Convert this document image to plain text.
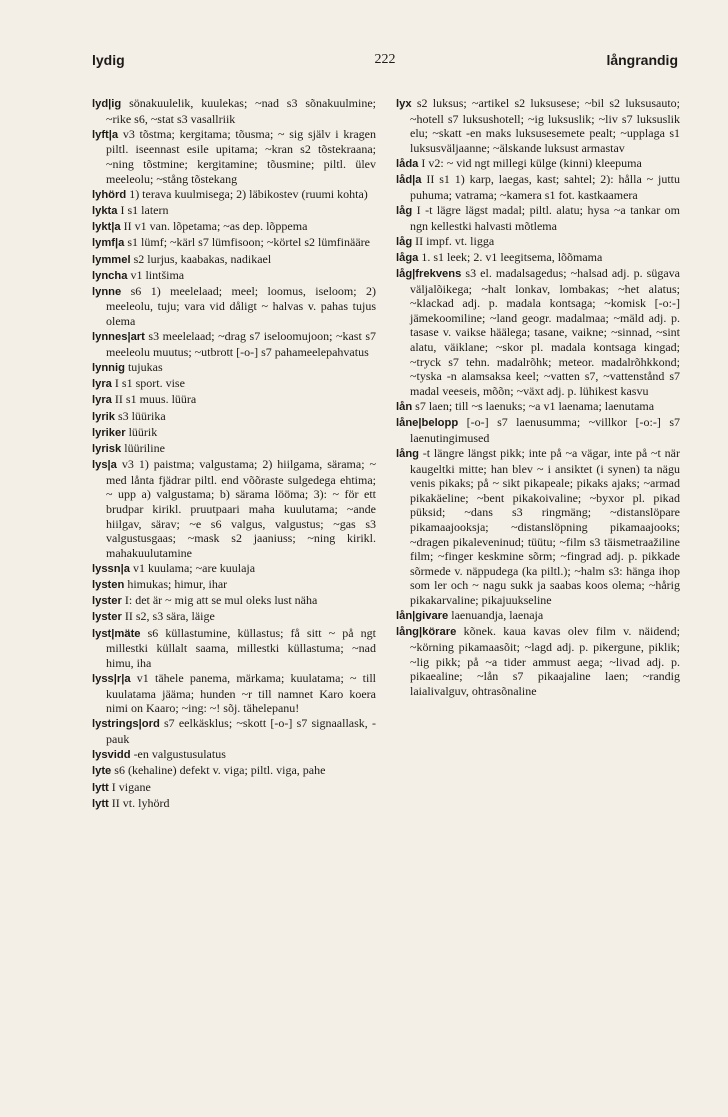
222
lydig	långrandig

lyd|ig sönakuulelik, kuulekas; ~nad s3 sõnakuulmine; ~rike s6, ~stat s3 vasallriik

lyft|a v3 tõstma; kergitama; tõusma; ~ sig själv i kragen piltl. iseennast esile upitama; ~kran s2 tõstekraana; ~ning tõstmine; kergitamine; tõusmine; piltl. ülev meeleolu; ~stång tõstekang

lyhörd 1) terava kuulmisega; 2) läbikostev (ruumi kohta)

lykta I s1 latern

lykt|a II v1 van. lõpetama; ~as dep. lõppema

lymf|a s1 lümf; ~kärl s7 lümfisoon; ~körtel s2 lümfinääre

lymmel s2 lurjus, kaabakas, nadikael

lyncha v1 lintšima

lynne s6 1) meelelaad; meel; loomus, iseloom; 2) meeleolu, tuju; vara vid dåligt ~ halvas v. pahas tujus olema

lynnes|art s3 meelelaad; ~drag s7 iseloomujoon; ~kast s7 meeleolu muutus; ~utbrott [-o-] s7 pahameelepahvatus

lynnig tujukas

lyra I s1 sport. vise

lyra II s1 muus. lüüra

lyrik s3 lüürika

lyriker lüürik

lyrisk lüüriline

lys|a v3 1) paistma; valgustama; 2) hiilgama, särama; ~ med lånta fjädrar piltl. end võõraste sulgedega ehtima; ~ upp a) valgustama; b) särama lööma; 3): ~ för ett brudpar kirikl. pruutpaari maha kuulutama; ~ande hiilgav, särav; ~e s6 valgus, valgustus; ~gas s3 valgustusgaas; ~mask s2 jaaniuss; ~ning kirikl. mahakuulutamine

lyssn|a v1 kuulama; ~are kuulaja

lysten himukas; himur, ihar

lyster I: det är ~ mig att se mul oleks lust näha

lyster II s2, s3 sära, läige

lyst|mäte s6 küllastumine, küllastus; få sitt ~ på ngt millestki küllalt saama, millestki küllastuma; ~nad himu, iha

lyss|r|a v1 tähele panema, märkama; kuulatama; ~ till kuulatama jääma; hunden ~r till namnet Karo koera nimi on Kaaro; ~ing: ~! sõj. tähelepanu!

lystrings|ord s7 eelkäsklus; ~skott [-o-] s7 signaallask, -pauk

lysvidd -en valgustusulatus

lyte s6 (kehaline) defekt v. viga; piltl. viga, pahe

lytt I vigane

lytt II vt. lyhörd

lyx s2 luksus; ~artikel s2 luksusese; ~bil s2 luksusauto; ~hotell s7 luksushotell; ~ig luksuslik; ~liv s7 luksuslik elu; ~skatt -en maks luksusesemete pealt; ~upplaga s1 luksusväljaanne; ~älskande luksust armastav

låda I v2: ~ vid ngt millegi külge (kinni) kleepuma

låd|a II s1 1) karp, laegas, kast; sahtel; 2): hålla ~ juttu puhuma; vatrama; ~kamera s1 fot. kastkaamera

låg I -t lägre lägst madal; piltl. alatu; hysa ~a tankar om ngn kellestki halvasti mõtlema

låg II impf. vt. ligga

låga 1. s1 leek; 2. v1 leegitsema, lõõmama

låg|frekvens s3 el. madalsagedus; ~halsad adj. p. sügava väljalõikega; ~halt lonkav, lombakas; ~het alatus; ~klackad adj. p. madala kontsaga; ~komisk [-o:-] jämekoomiline; ~land geogr. madalmaa; ~mäld adj. p. tasase v. vaikse häälega; tasane, vaikne; ~sinnad, ~sint alatu, väiklane; ~skor pl. madala kontsaga kingad; ~tryck s7 tehn. madalrõhk; meteor. madalrõhkkond; ~tyska -n alamsaksa keel; ~vatten s7, ~vattenstånd s7 madal veeseis, mõõn; ~växt adj. p. lühikest kasvu

lån s7 laen; till ~s laenuks; ~a v1 laenama; laenutama

låne|belopp [-o-] s7 laenusumma; ~villkor [-o:-] s7 laenutingimused

lång -t längre längst pikk; inte på ~a vägar, inte på ~t när kaugeltki mitte; han blev ~ i ansiktet (i synen) ta nägu venis pikaks; på ~ sikt pikapeale; pikaks ajaks; ~armad pikakäeline; ~bent pikakoivaline; ~byxor pl. pikad püksid; ~dans s3 ringmäng; ~distanslöpare pikamaajooksja; ~distanslöpning pikamaajooks; ~dragen pikaleveninud; tüütu; ~film s3 täismetraažiline film; ~finger keskmine sõrm; ~fingrad adj. p. pikkade sõrmede v. näppudega (ka piltl.); ~halm s3: hänga ihop som ler och ~ nagu sukk ja saabas koos olema; ~hårig pikakarvaline; pikajuukseline

lån|givare laenuandja, laenaja

lång|körare kõnek. kaua kavas olev film v. näidend; ~körning pikamaasõit; ~lagd adj. p. pikergune, piklik; ~lig pikk; på ~a tider ammust aega; ~livad adj. p. pikaealine; ~lån s7 pikaajaline laen; ~randig laialivalguv, ohtrasõnaline
